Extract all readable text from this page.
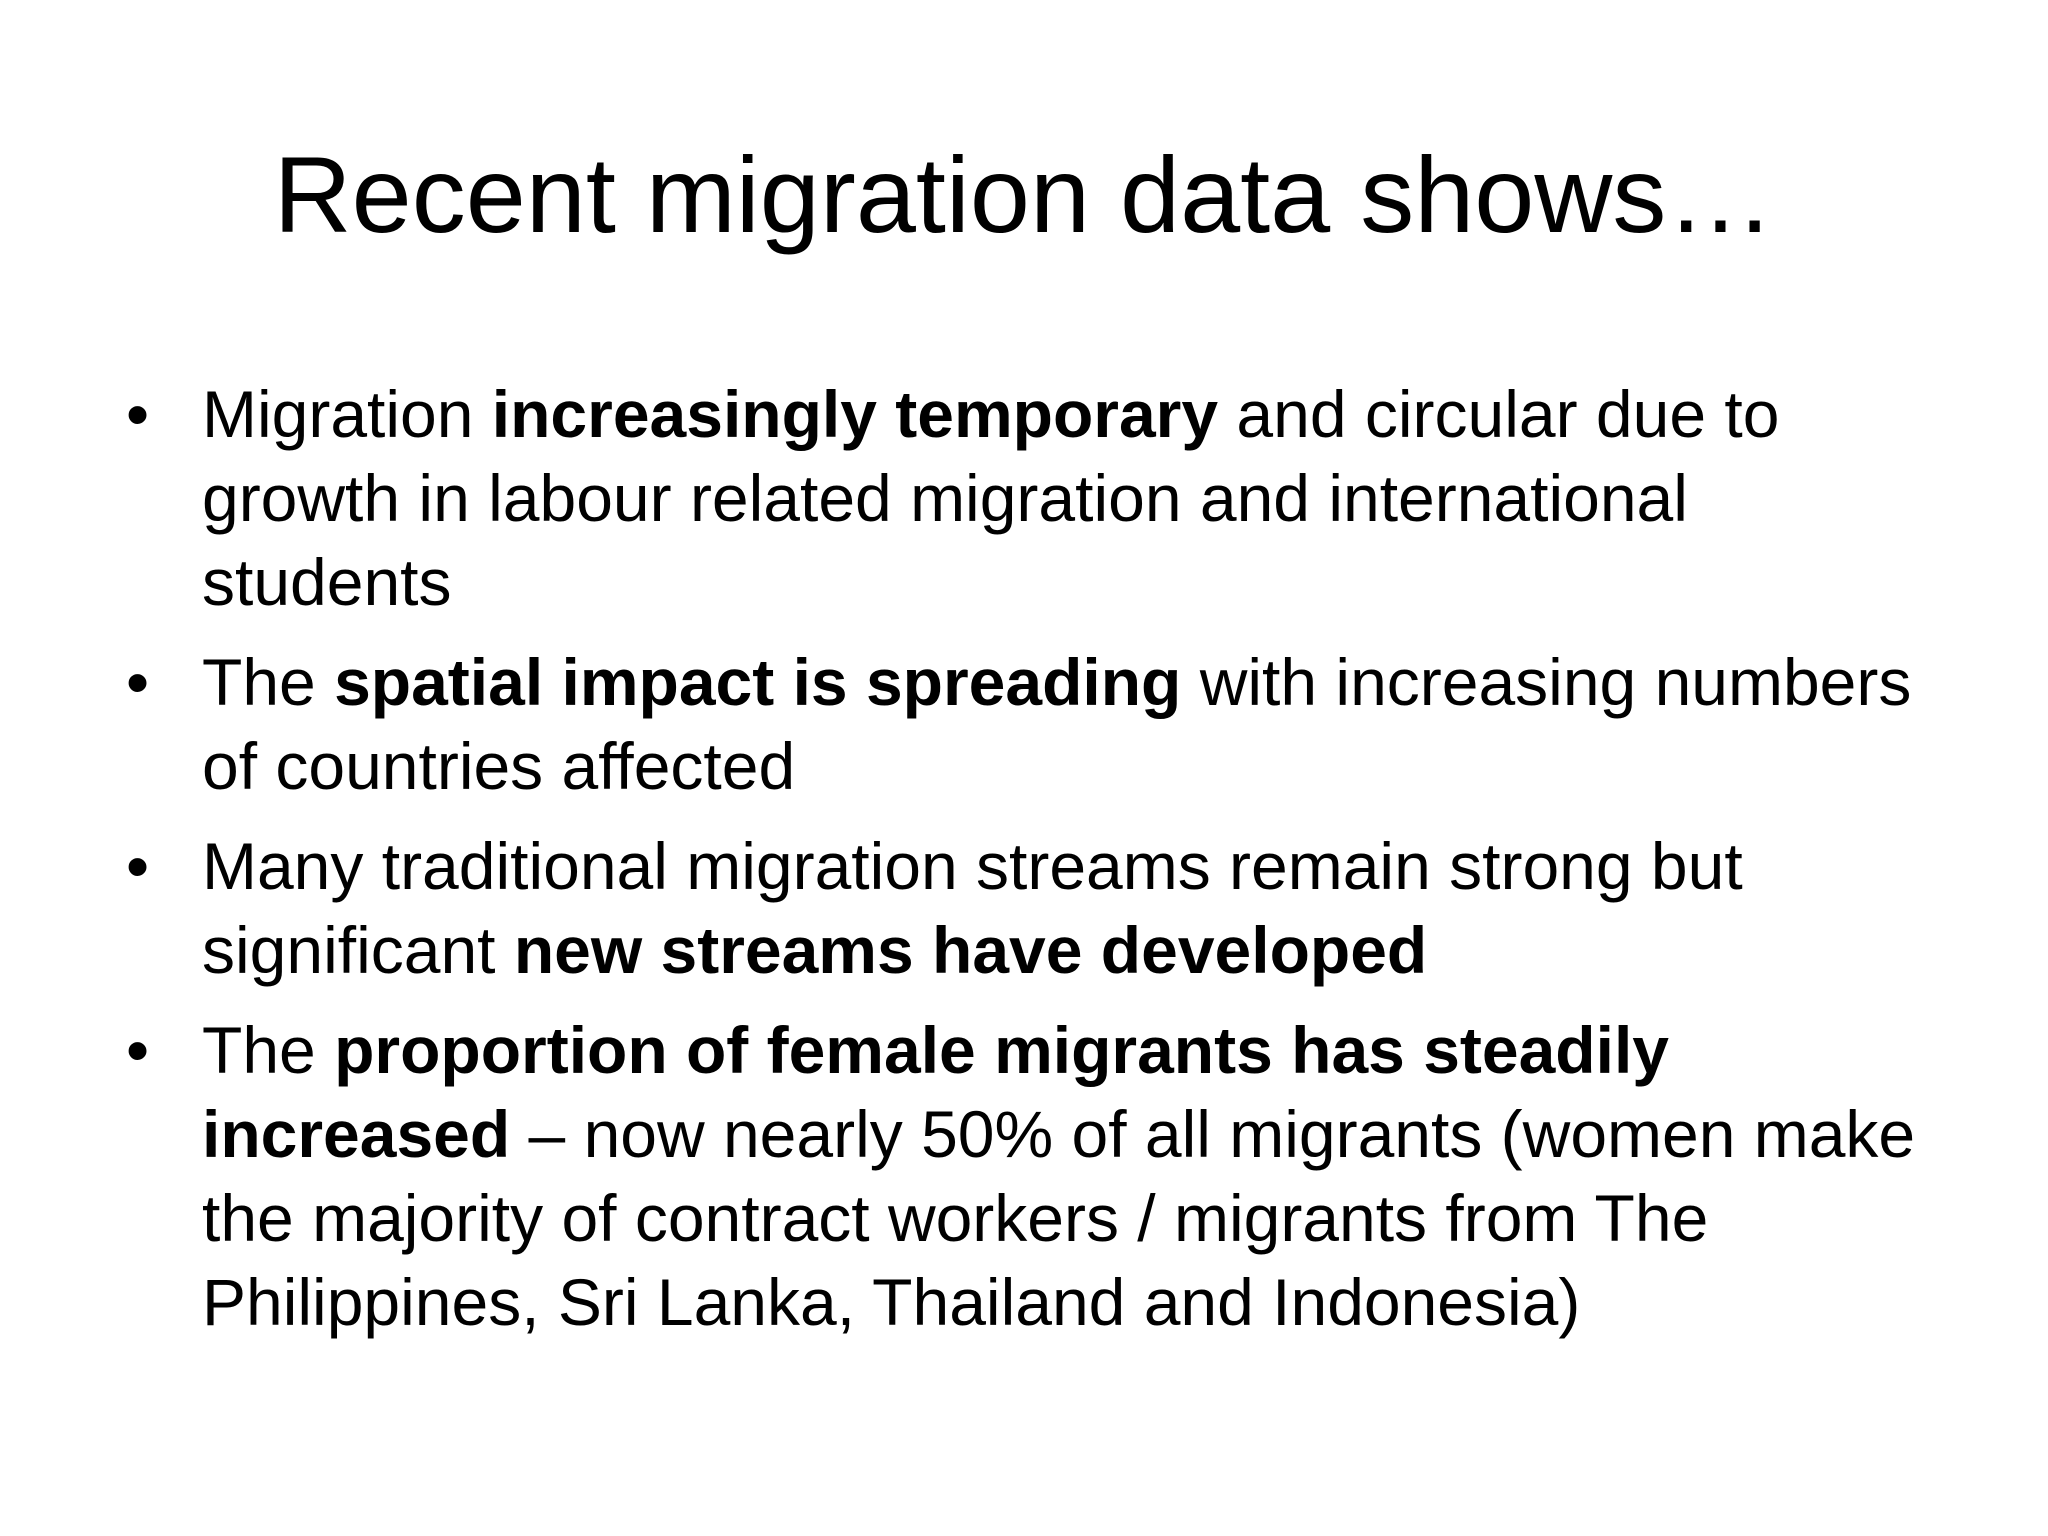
Recent migration data shows…
• Migration increasingly temporary and circular due to growth in labour related migration and international students
• The spatial impact is spreading with increasing numbers of countries affected
• Many traditional migration streams remain strong but significant new streams have developed
• The proportion of female migrants has steadily increased – now nearly 50% of all migrants (women make the majority of contract workers / migrants from The Philippines, Sri Lanka, Thailand and Indonesia)
